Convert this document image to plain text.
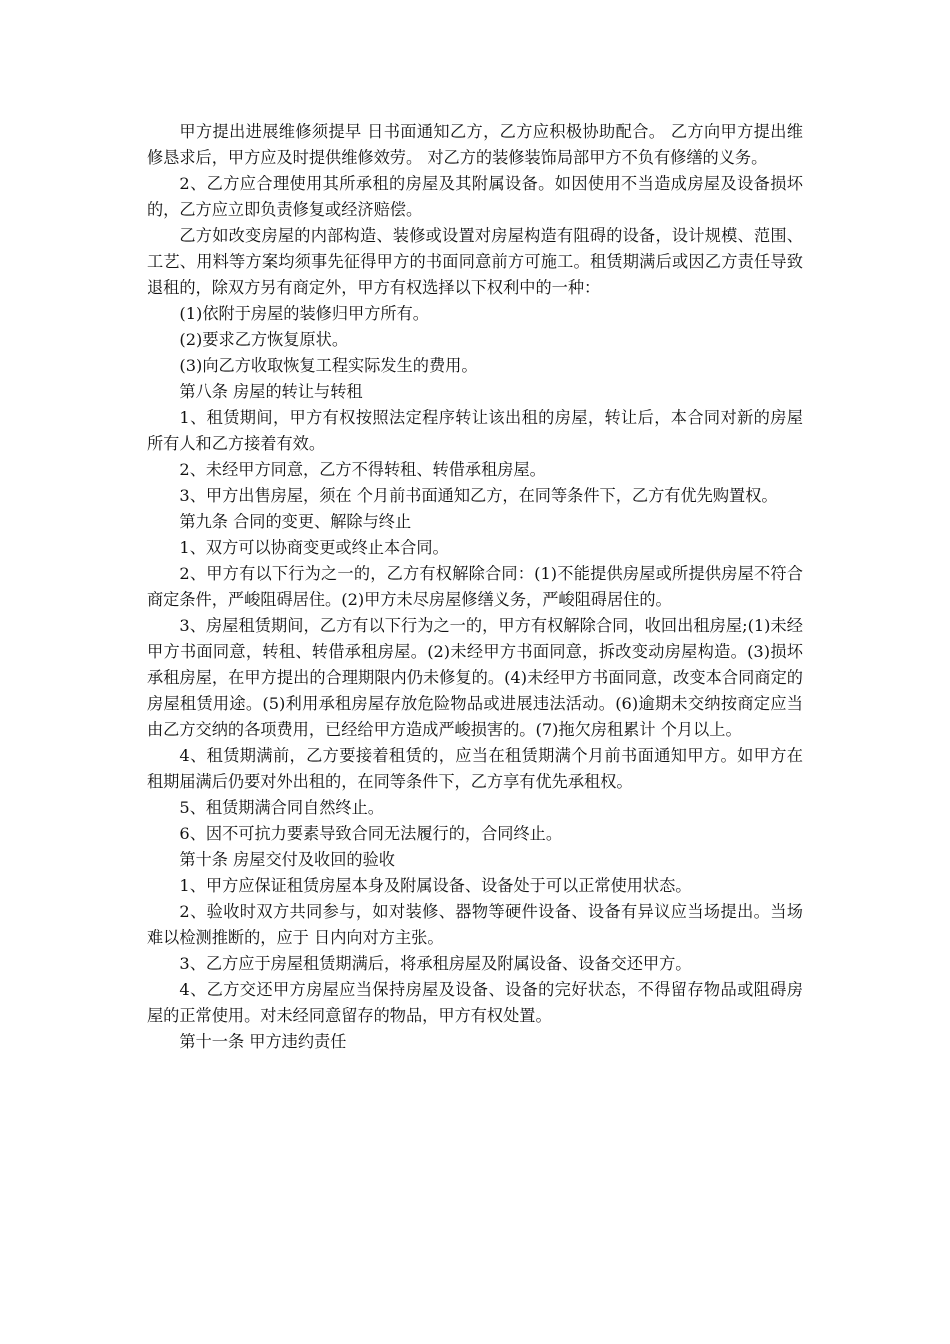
甲方提出进展维修须提早 日书面通知乙方，乙方应积极协助配合。 乙方向甲方提出维修恳求后，甲方应及时提供维修效劳。 对乙方的装修装饰局部甲方不负有修缮的义务。

2、乙方应合理使用其所承租的房屋及其附属设备。如因使用不当造成房屋及设备损坏的，乙方应立即负责修复或经济赔偿。

乙方如改变房屋的内部构造、装修或设置对房屋构造有阻碍的设备，设计规模、范围、工艺、用料等方案均须事先征得甲方的书面同意前方可施工。租赁期满后或因乙方责任导致退租的，除双方另有商定外，甲方有权选择以下权利中的一种：

(1)依附于房屋的装修归甲方所有。

(2)要求乙方恢复原状。

(3)向乙方收取恢复工程实际发生的费用。

第八条 房屋的转让与转租

1、租赁期间，甲方有权按照法定程序转让该出租的房屋，转让后，本合同对新的房屋所有人和乙方接着有效。

2、未经甲方同意，乙方不得转租、转借承租房屋。

3、甲方出售房屋，须在 个月前书面通知乙方，在同等条件下，乙方有优先购置权。

第九条 合同的变更、解除与终止

1、双方可以协商变更或终止本合同。

2、甲方有以下行为之一的，乙方有权解除合同：(1)不能提供房屋或所提供房屋不符合商定条件，严峻阻碍居住。(2)甲方未尽房屋修缮义务，严峻阻碍居住的。

3、房屋租赁期间，乙方有以下行为之一的，甲方有权解除合同，收回出租房屋;(1)未经甲方书面同意，转租、转借承租房屋。(2)未经甲方书面同意，拆改变动房屋构造。(3)损坏承租房屋，在甲方提出的合理期限内仍未修复的。(4)未经甲方书面同意，改变本合同商定的房屋租赁用途。(5)利用承租房屋存放危险物品或进展违法活动。(6)逾期未交纳按商定应当由乙方交纳的各项费用，已经给甲方造成严峻损害的。(7)拖欠房租累计 个月以上。

4、租赁期满前，乙方要接着租赁的，应当在租赁期满个月前书面通知甲方。如甲方在租期届满后仍要对外出租的，在同等条件下，乙方享有优先承租权。

5、租赁期满合同自然终止。

6、因不可抗力要素导致合同无法履行的，合同终止。

第十条 房屋交付及收回的验收

1、甲方应保证租赁房屋本身及附属设备、设备处于可以正常使用状态。

2、验收时双方共同参与，如对装修、器物等硬件设备、设备有异议应当场提出。当场难以检测推断的，应于 日内向对方主张。

3、乙方应于房屋租赁期满后，将承租房屋及附属设备、设备交还甲方。

4、乙方交还甲方房屋应当保持房屋及设备、设备的完好状态，不得留存物品或阻碍房屋的正常使用。对未经同意留存的物品，甲方有权处置。

第十一条 甲方违约责任
